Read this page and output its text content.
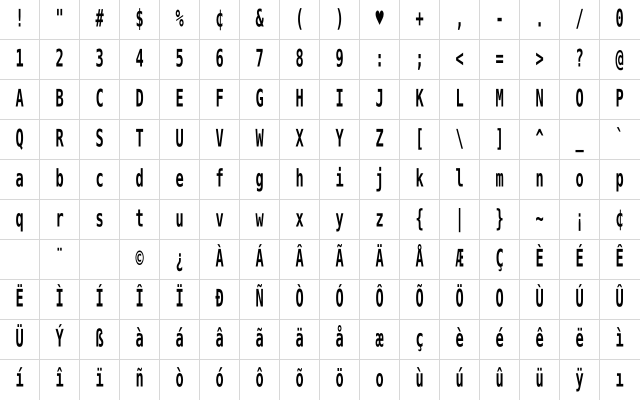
! " # $ % ¢ & ( ) ♥ + , - . / 0
1 2 3 4 5 6 7 8 9 : ; < = > ? @
A B C D E F G H I J K L M N O P
Q R S T U V W X Y Z [ \ ] ^ _ `
a b c d e f g h i j k l m n o p
q r s t u v w x y z { | } ~ ¡ ¢

¨
	© ¿ À Á Â Ã Ä Å Æ Ç È É Ê
Ë Ì Í Î Ï Ð Ñ Ò Ó Ô Õ Ö O Ù Ú Û
Ü Ý ß à á â ã ä å æ ç è é ê ë ì
í î ï ñ ò ó ô õ ö o ù ú û ü ÿ ı
